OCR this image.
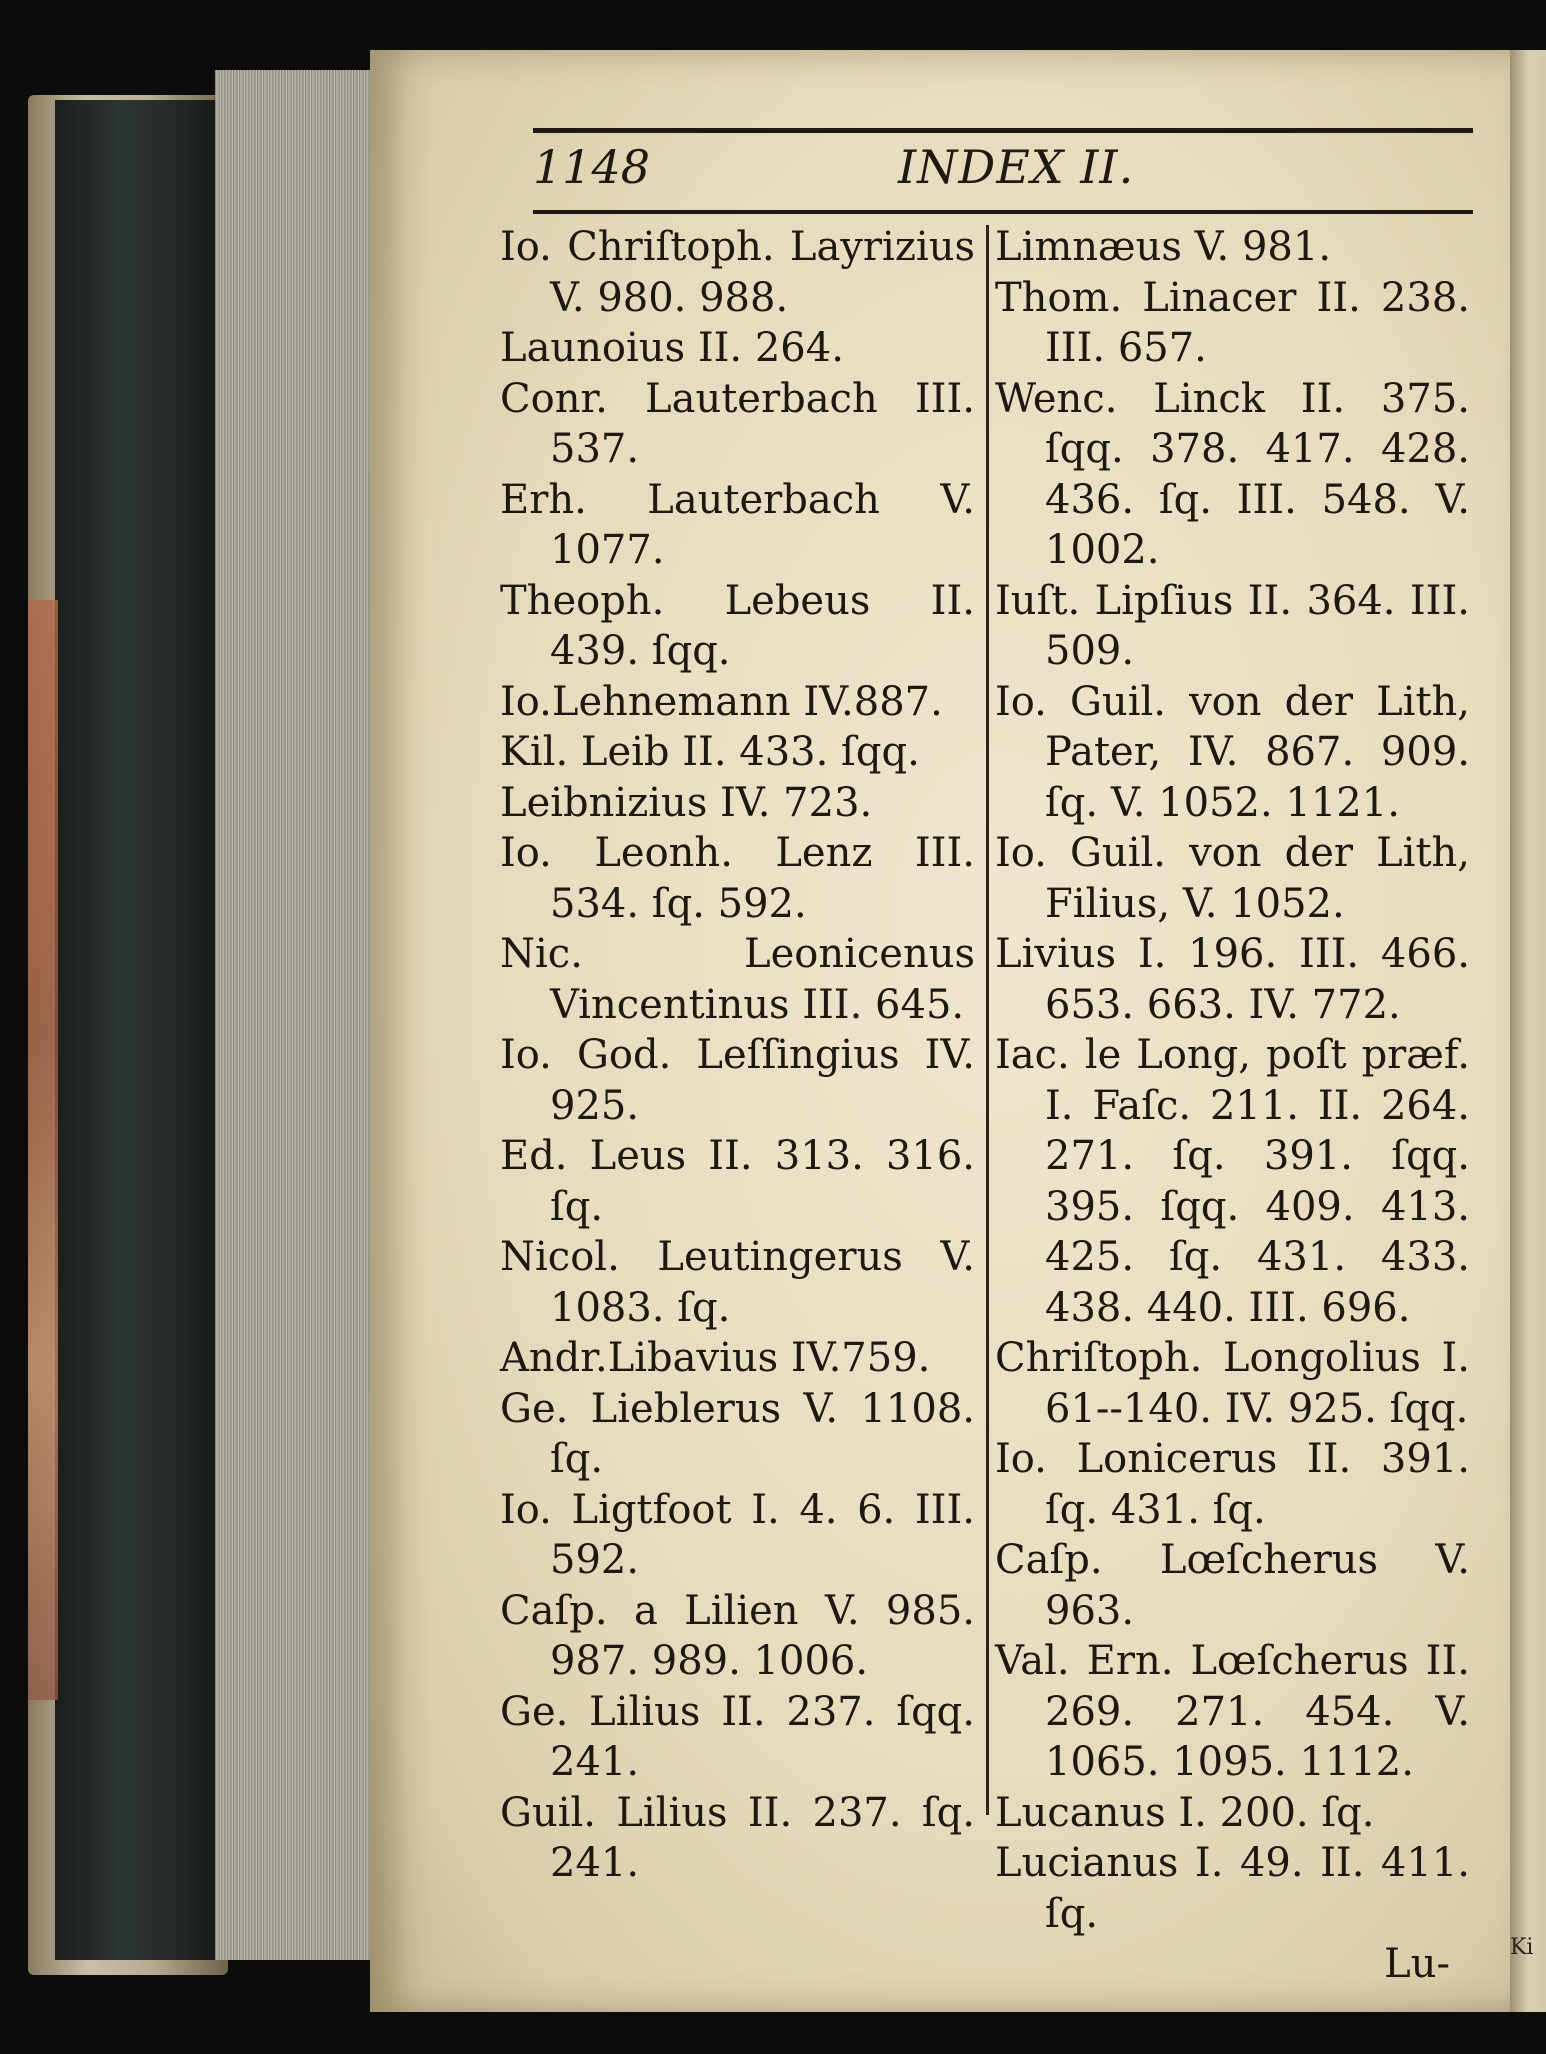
Ki
1148	INDEX II.
Io. Chriſtoph. Layrizius V. 980. 988.
Launoius II. 264.
Conr. Lauterbach III. 537.
Erh. Lauterbach V. 1077.
Theoph. Lebeus II. 439. ſqq.
Io.Lehnemann IV.887.
Kil. Leib II. 433. ſqq.
Leibnizius IV. 723.
Io. Leonh. Lenz III. 534. ſq. 592.
Nic. Leonicenus Vincentinus III. 645.
Io. God. Leſſingius IV. 925.
Ed. Leus II. 313. 316. ſq.
Nicol. Leutingerus V. 1083. ſq.
Andr.Libavius IV.759.
Ge. Lieblerus V. 1108. ſq.
Io. Ligtfoot I. 4. 6. III. 592.
Caſp. a Lilien V. 985. 987. 989. 1006.
Ge. Lilius II. 237. ſqq. 241.
Guil. Lilius II. 237. ſq. 241.
Limnæus V. 981.
Thom. Linacer II. 238. III. 657.
Wenc. Linck II. 375. ſqq. 378. 417. 428. 436. ſq. III. 548. V. 1002.
Iuſt. Lipſius II. 364. III. 509.
Io. Guil. von der Lith, Pater, IV. 867. 909. ſq. V. 1052. 1121.
Io. Guil. von der Lith, Filius, V. 1052.
Livius I. 196. III. 466. 653. 663. IV. 772.
Iac. le Long, poſt præf. I. Faſc. 211. II. 264. 271. ſq. 391. ſqq. 395. ſqq. 409. 413. 425. ſq. 431. 433. 438. 440. III. 696.
Chriſtoph. Longolius I. 61--140. IV. 925. ſqq.
Io. Lonicerus II. 391. ſq. 431. ſq.
Caſp. Lœſcherus V. 963.
Val. Ern. Lœſcherus II. 269. 271. 454. V. 1065. 1095. 1112.
Lucanus I. 200. ſq.
Lucianus I. 49. II. 411. ſq.
Lu-
